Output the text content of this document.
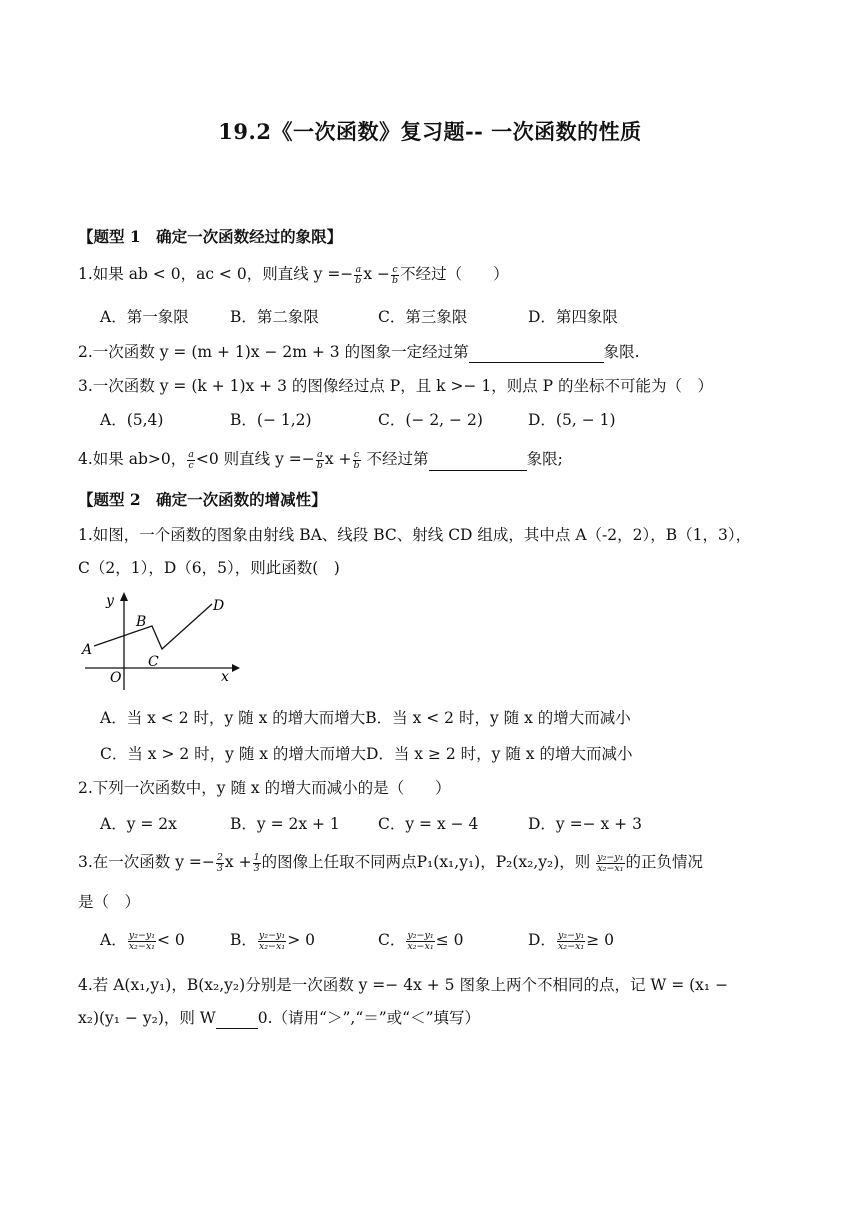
19.2《一次函数》复习题-- 一次函数的性质
【题型 1　确定一次函数经过的象限】
1.如果 ab < 0，ac < 0，则直线 $y =- \frac{a}{b}$ $x - \frac{c}{b}$ 不经过（　　）
A．第一象限	B．第二象限	C．第三象限	D．第四象限
2.一次函数 y = (m + 1)x − 2m + 3 的图象一定经过第	象限.
3.一次函数 y = (k + 1)x + 3 的图像经过点 P，且 k >− 1，则点 P 的坐标不可能为（　）
A．(5,4)	B．(− 1,2)	C．(− 2, − 2)	D．(5, − 1)
4.如果 ab>0， $\frac{a}{c} <0$ 则直线 $y =- \frac{a}{b}$ $x + \frac{c}{b}$ 不经过第	象限;
【题型 2　确定一次函数的增减性】
1.如图，一个函数的图象由射线 BA、线段 BC、射线 CD 组成，其中点 A（-2，2），B（1，3），
C（2，1），D（6，5），则此函数(　)
y
x
O
A
B
C
D
A．当 x < 2 时，y 随 x 的增大而增大B．当 x < 2 时，y 随 x 的增大而减小
C．当 x > 2 时，y 随 x 的增大而增大D．当 x ≥ 2 时，y 随 x 的增大而减小
2.下列一次函数中，y 随 x 的增大而减小的是（　　）
A．y = 2x	B．y = 2x + 1 C．y = x − 4	D．y =− x + 3
3.在一次函数 $y =- \frac{2}{3}$ $x + \frac{1}{3}$ 的图像上任取不同两点P₁(x₁,y₁)，P₂(x₂,y₂)，则 $\frac{\text{y₂−y₁}}{\text{x₂−x₁}}$ 的正负情况
是（　）
A． $\frac{\text{y₂−y₁}}{\text{x₂−x₁}} < 0$	B． $\frac{\text{y₂−y₁}}{\text{x₂−x₁}} > 0$	C． $\frac{\text{y₂−y₁}}{\text{x₂−x₁}} \le 0$	D． $\frac{\text{y₂−y₁}}{\text{x₂−x₁}} \ge 0$
4.若 A(x₁,y₁)，B(x₂,y₂)分别是一次函数 y =− 4x + 5 图象上两个不相同的点，记 W = (x₁ −
x₂)(y₁ − y₂)，则 W	0.（请用“＞”,“＝”或“＜”填写）
